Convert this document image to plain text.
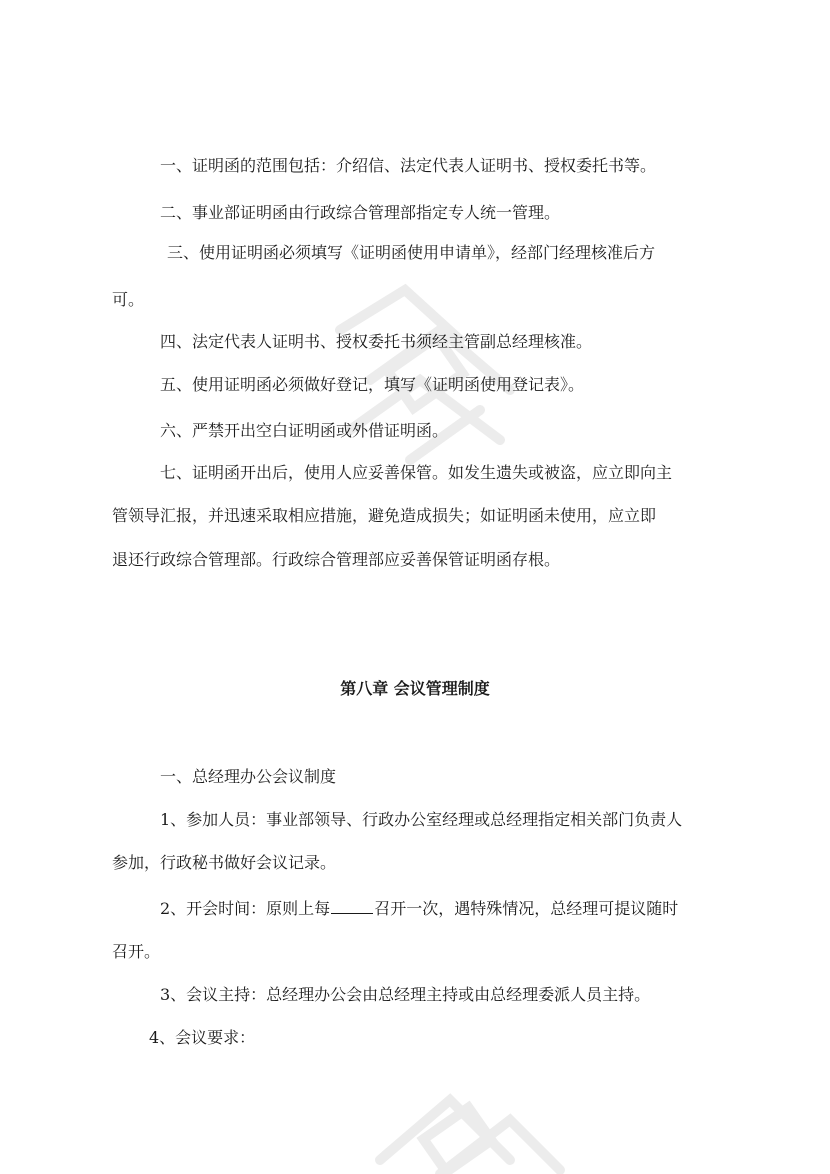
一、证明函的范围包括：介绍信、法定代表人证明书、授权委托书等。

二、事业部证明函由行政综合管理部指定专人统一管理。

三、使用证明函必须填写《证明函使用申请单》，经部门经理核准后方

可。

四、法定代表人证明书、授权委托书须经主管副总经理核准。

五、使用证明函必须做好登记，填写《证明函使用登记表》。

六、严禁开出空白证明函或外借证明函。

七、证明函开出后，使用人应妥善保管。如发生遗失或被盗，应立即向主

管领导汇报，并迅速采取相应措施，避免造成损失；如证明函未使用，应立即

退还行政综合管理部。行政综合管理部应妥善保管证明函存根。

第八章 会议管理制度

一、总经理办公会议制度

1、参加人员：事业部领导、行政办公室经理或总经理指定相关部门负责人

参加，行政秘书做好会议记录。

2、开会时间：原则上每	召开一次，遇特殊情况，总经理可提议随时

召开。

3、会议主持：总经理办公会由总经理主持或由总经理委派人员主持。

4、会议要求：
